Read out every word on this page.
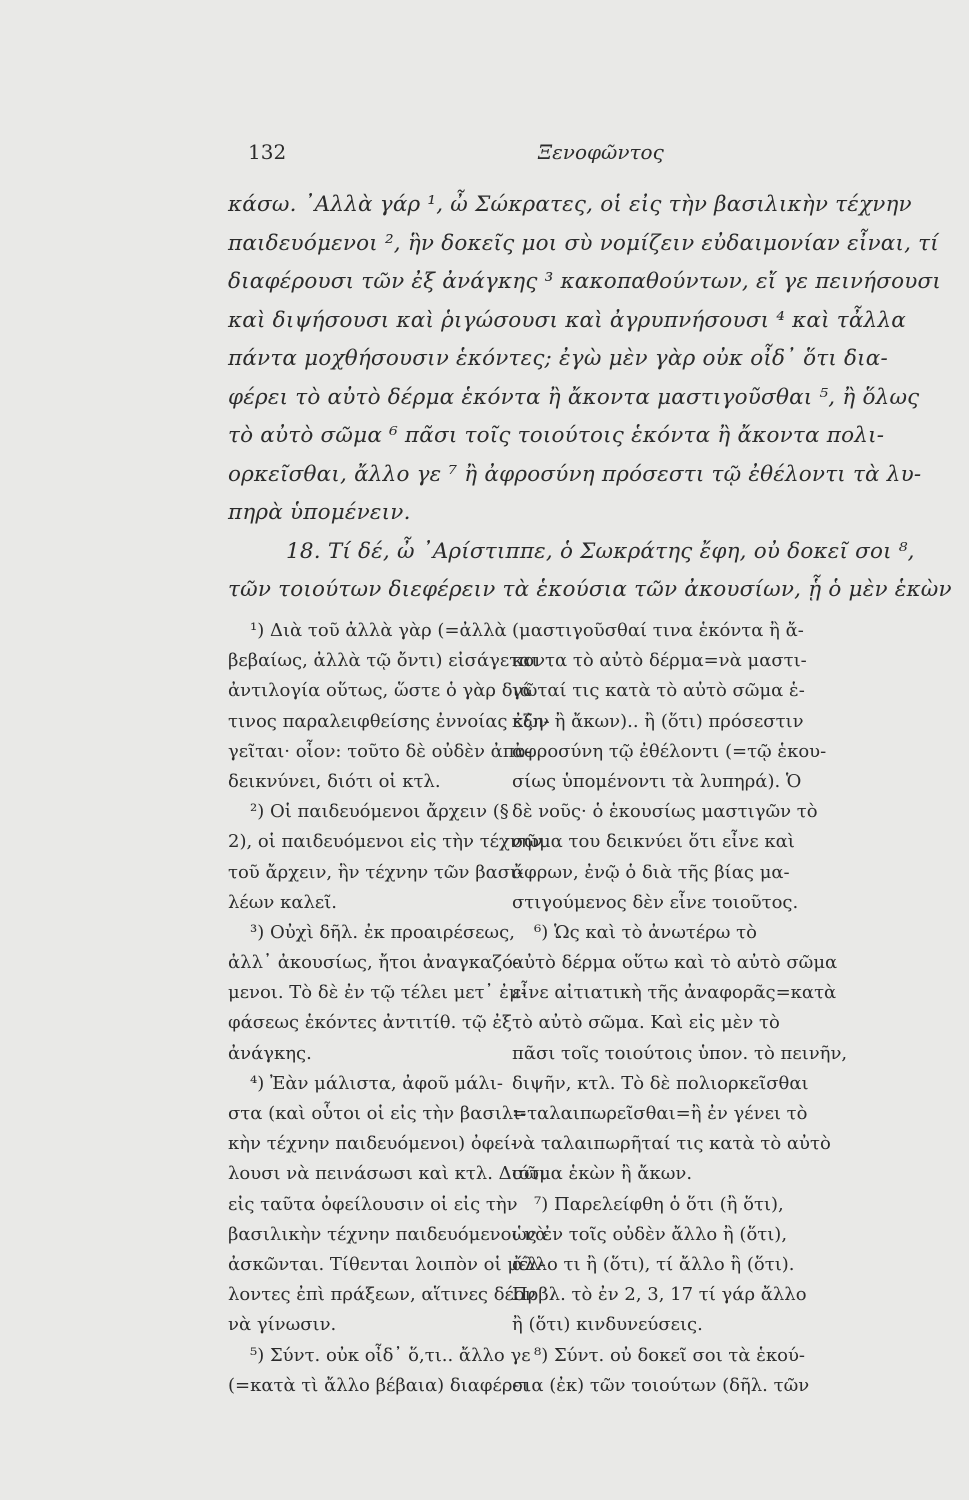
132	Ξενοφῶντος
κάσω. ᾿Αλλὰ γάρ ¹, ὦ Σώκρατες, οἱ εἰς τὴν βασιλικὴν τέχνην
παιδευόμενοι ², ἣν δοκεῖς μοι σὺ νομίζειν εὐδαιμονίαν εἶναι, τί
διαφέρουσι τῶν ἐξ ἀνάγκης ³ κακοπαθούντων, εἴ γε πεινήσουσι
καὶ διψήσουσι καὶ ῥιγώσουσι καὶ ἀγρυπνήσουσι ⁴ καὶ τἆλλα
πάντα μοχθήσουσιν ἑκόντες; ἐγὼ μὲν γὰρ οὐκ οἶδ᾿ ὅτι δια-
φέρει τὸ αὐτὸ δέρμα ἑκόντα ἢ ἄκοντα μαστιγοῦσθαι ⁵, ἢ ὅλως
τὸ αὐτὸ σῶμα ⁶ πᾶσι τοῖς τοιούτοις ἑκόντα ἢ ἄκοντα πολι-
ορκεῖσθαι, ἄλλο γε ⁷ ἢ ἀφροσύνη πρόσεστι τῷ ἐθέλοντι τὰ λυ-
πηρὰ ὑπομένειν.
18. Τί δέ, ὦ ᾿Αρίστιππε, ὁ Σωκράτης ἔφη, οὐ δοκεῖ σοι ⁸,
τῶν τοιούτων διεφέρειν τὰ ἑκούσια τῶν ἀκουσίων, ᾗ ὁ μὲν ἑκὼν
¹) Διὰ τοῦ ἀλλὰ γὰρ (=ἀλλὰ
βεβαίως, ἀλλὰ τῷ ὄντι) εἰσάγεται
ἀντιλογία οὕτως, ὥστε ὁ γὰρ διά
τινος παραλειφθείσης ἐννοίας ἐξη-
γεῖται· οἷον: τοῦτο δὲ οὐδὲν ἀπο-
δεικνύνει, διότι οἱ κτλ.
²) Οἱ παιδευόμενοι ἄρχειν (§
2), οἱ παιδευόμενοι εἰς τὴν τέχνην
τοῦ ἄρχειν, ἣν τέχνην τῶν βασι-
λέων καλεῖ.
³) Οὐχὶ δῆλ. ἐκ προαιρέσεως,
ἀλλ᾿ ἀκουσίως, ἤτοι ἀναγκαζό-
μενοι. Τὸ δὲ ἐν τῷ τέλει μετ᾿ ἐμ-
φάσεως ἑκόντες ἀντιτίθ. τῷ ἐξ
ἀνάγκης.
⁴) Ἐὰν μάλιστα, ἀφοῦ μάλι-
στα (καὶ οὗτοι οἱ εἰς τὴν βασιλι-
κὴν τέχνην παιδευόμενοι) ὀφεί-
λουσι νὰ πεινάσωσι καὶ κτλ. Διότι
εἰς ταῦτα ὀφείλουσιν οἱ εἰς τὴν
βασιλικὴν τέχνην παιδευόμενοι νὰ
ἀσκῶνται. Τίθενται λοιπὸν οἱ μέλ-
λοντες ἐπὶ πράξεων, αἵτινες δέον
νὰ γίνωσιν.
⁵) Σύντ. οὐκ οἶδ᾿ ὅ,τι.. ἄλλο γε
(=κατὰ τὶ ἄλλο βέβαια) διαφέρει
(μαστιγοῦσθαί τινα ἑκόντα ἢ ἄ-
κοντα τὸ αὐτὸ δέρμα=νὰ μαστι-
γῶταί τις κατὰ τὸ αὐτὸ σῶμα ἑ-
κὼν ἢ ἄκων).. ἢ (ὅτι) πρόσεστιν
ἀφροσύνη τῷ ἐθέλοντι (=τῷ ἑκου-
σίως ὑπομένοντι τὰ λυπηρά). Ὁ
δὲ νοῦς· ὁ ἑκουσίως μαστιγῶν τὸ
σῶμα του δεικνύει ὅτι εἶνε καὶ
ἄφρων, ἐνῷ ὁ διὰ τῆς βίας μα-
στιγούμενος δὲν εἶνε τοιοῦτος.
⁶) Ὡς καὶ τὸ ἀνωτέρω τὸ
αὐτὸ δέρμα οὕτω καὶ τὸ αὐτὸ σῶμα
εἶνε αἰτιατικὴ τῆς ἀναφορᾶς=κατὰ
τὸ αὐτὸ σῶμα. Καὶ εἰς μὲν τὸ
πᾶσι τοῖς τοιούτοις ὑπον. τὸ πεινῆν,
διψῆν, κτλ. Τὸ δὲ πολιορκεῖσθαι
=ταλαιπωρεῖσθαι=ἢ ἐν γένει τὸ
νὰ ταλαιπωρῆταί τις κατὰ τὸ αὐτὸ
σῶμα ἑκὼν ἢ ἄκων.
⁷) Παρελείφθη ὁ ὅτι (ἢ ὅτι),
ὡς ἐν τοῖς οὐδὲν ἄλλο ἢ (ὅτι),
ἄλλο τι ἢ (ὅτι), τί ἄλλο ἢ (ὅτι).
Πρβλ. τὸ ἐν 2, 3, 17 τί γάρ ἄλλο
ἢ (ὅτι) κινδυνεύσεις.
⁸) Σύντ. οὐ δοκεῖ σοι τὰ ἑκού-
σια (ἐκ) τῶν τοιούτων (δῆλ. τῶν
